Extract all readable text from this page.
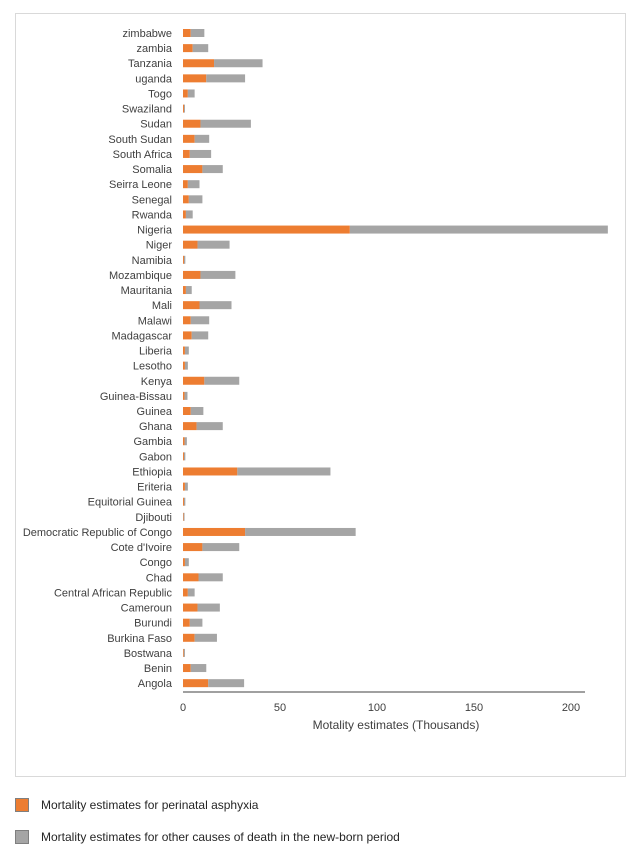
zimbabwe
zambia
Tanzania
uganda
Togo
Swaziland
Sudan
South Sudan
South Africa
Somalia
Seirra Leone
Senegal
Rwanda
Nigeria
Niger
Namibia
Mozambique
Mauritania
Mali
Malawi
Madagascar
Liberia
Lesotho
Kenya
Guinea-Bissau
Guinea
Ghana
Gambia
Gabon
Ethiopia
Eriteria
Equitorial Guinea
Djibouti
Democratic Republic of Congo
Cote d'Ivoire
Congo
Chad
Central African Republic
Cameroun
Burundi
Burkina Faso
Bostwana
Benin
Angola
0	50	100	150	200
Motality estimates (Thousands)
Mortality estimates for perinatal asphyxia
Mortality estimates for other causes of death in the new-born period
